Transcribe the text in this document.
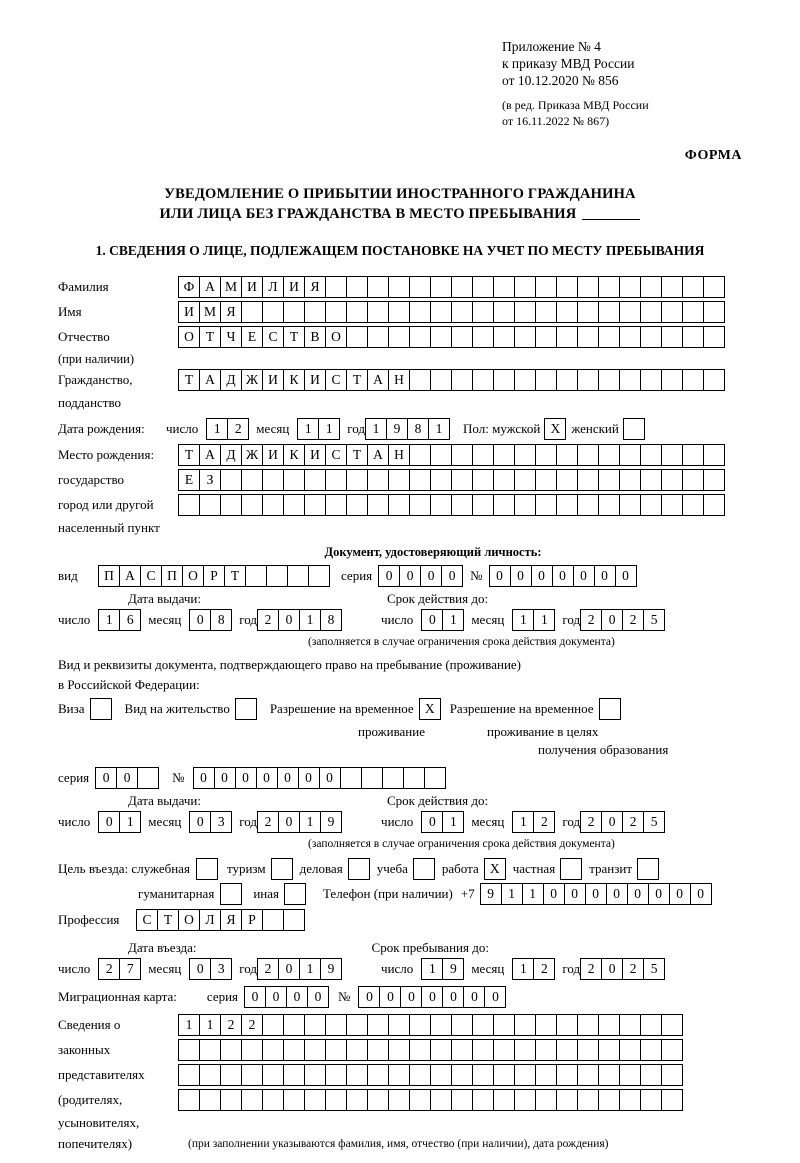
Приложение № 4
к приказу МВД России
от 10.12.2020 № 856
(в ред. Приказа МВД России
от 16.11.2022 № 867)
ФОРМА
УВЕДОМЛЕНИЕ О ПРИБЫТИИ ИНОСТРАННОГО ГРАЖДАНИНА
ИЛИ ЛИЦА БЕЗ ГРАЖДАНСТВА В МЕСТО ПРЕБЫВАНИЯ
1. СВЕДЕНИЯ О ЛИЦЕ, ПОДЛЕЖАЩЕМ ПОСТАНОВКЕ НА УЧЕТ ПО МЕСТУ ПРЕБЫВАНИЯ
Фамилия	Ф А М И Л И Я
Имя	И М Я
Отчество	О Т Ч Е С Т В О
(при наличии)
Гражданство,	Т А Д Ж И К И С Т А Н
подданство
Дата рождения:	число	1	2	месяц	1	1	год 1	9	8	1	Пол: мужской X женский
Место рождения:	Т А Д Ж И К И С Т А Н
государство	Е З
город или другой
населенный пункт
Документ, удостоверяющий личность:
вид	П А С П О Р Т	серия	0	0	0	0	№	0	0	0	0	0	0	0
Дата выдачи:	Срок действия до:
число	1	6	месяц	0	8	год 2	0	1	8	число	0	1	месяц	1	1	год 2	0	2	5
(заполняется в случае ограничения срока действия документа)
Вид и реквизиты документа, подтверждающего право на пребывание (проживание)
в Российской Федерации:
Виза	Вид на жительство	Разрешение на временное X	Разрешение на временное
проживание	проживание в целях
получения образования
серия	0	0	№	0	0	0	0	0	0	0
Дата выдачи:	Срок действия до:
число	0	1	месяц	0	3	год 2	0	1	9	число	0	1	месяц	1	2	год 2	0	2	5
(заполняется в случае ограничения срока действия документа)
Цель въезда: служебная	туризм	деловая	учеба	работа X	частная	транзит
гуманитарная	иная	Телефон (при наличии) +7 9	1	1	0	0	0	0	0	0	0	0
Профессия	С Т О Л Я Р
Дата въезда:	Срок пребывания до:
число	2	7	месяц	0	3	год 2	0	1	9	число	1	9	месяц	1	2	год 2	0	2	5
Миграционная карта: серия	0	0	0	0	№	0	0	0	0	0	0	0
Сведения о	1	1	2	2
законных
представителях
(родителях,
усыновителях,
попечителях)	(при заполнении указываются фамилия, имя, отчество (при наличии), дата рождения)
